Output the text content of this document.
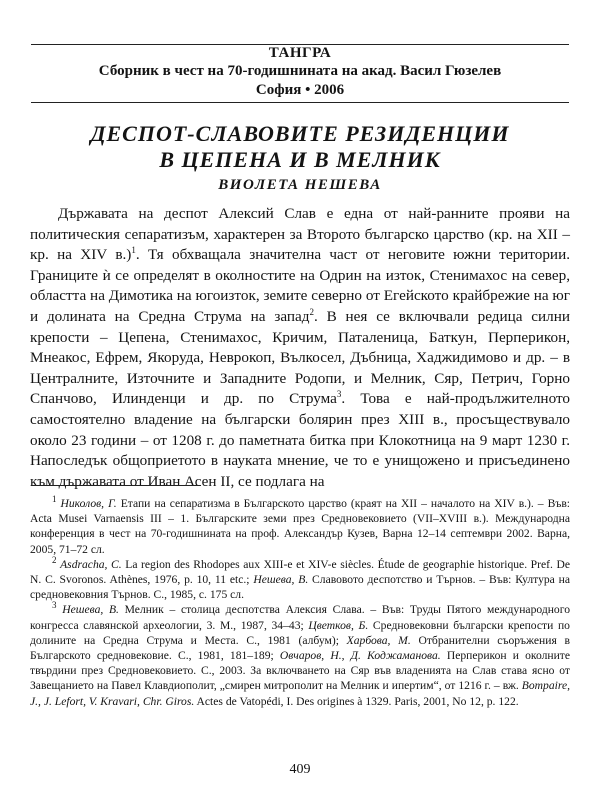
ТАНГРА
Сборник в чест на 70-годишнината на акад. Васил Гюзелев
София • 2006
ДЕСПОТ-СЛАВОВИТЕ РЕЗИДЕНЦИИ
В ЦЕПЕНА И В МЕЛНИК
ВИОЛЕТА НЕШЕВА

Държавата на деспот Алексий Слав е една от най-ранните прояви на политическия сепаратизъм, характерен за Второто българско царство (кр. на XII – кр. на XIV в.)$^1$. Тя обхващала значителна част от неговите южни територии. Границите ѝ се определят в околностите на Одрин на изток, Стенимахос на север, областта на Димотика на югоизток, земите северно от Егейското крайбрежие на юг и долината на Средна Струма на запад$^2$. В нея се включвали редица силни крепости – Цепена, Стенимахос, Кричим, Паталеница, Баткун, Перперикон, Мнеакос, Ефрем, Якоруда, Неврокоп, Вълкосел, Дъбница, Хаджидимово и др. – в Централните, Източните и Западните Родопи, и Мелник, Сяр, Петрич, Горно Спанчово, Илинденци и др. по Струма$^3$. Това е най-продължителното самостоятелно владение на български болярин през XIII в., просъществувало около 23 години – от 1208 г. до паметната битка при Клокотница на 9 март 1230 г. Напоследък общоприетото в науката мнение, че то е унищожено и присъединено към държавата от Иван Асен II, се подлага на

$^1$ Николов, Г. Етапи на сепаратизма в Българското царство (краят на XII – началото на XIV в.). – Във: Acta Musei Varnaensis III – 1. Българските земи през Средновековието (VII–XVIII в.). Международна конференция в чест на 70-годишнината на проф. Александър Кузев, Варна 12–14 септември 2002. Варна, 2005, 71–72 сл.

$^2$ Asdracha, C. La region des Rhodopes aux XIII-e et XIV-e siècles. Étude de geographie historique. Pref. De N. C. Svoronos. Athènes, 1976, p. 10, 11 etc.; Нешева, В. Славовото деспотство и Търнов. – Във: Култура на средновековния Търнов. С., 1985, с. 175 сл.

$^3$ Нешева, В. Мелник – столица деспотства Алексия Слава. – Във: Труды Пятого международного конгресса славянской археологии, 3. М., 1987, 34–43; Цветков, Б. Средновековни български крепости по долините на Средна Струма и Места. С., 1981 (албум); Харбова, М. Отбранителни съоръжения в Българското средновековие. С., 1981, 181–189; Овчаров, Н., Д. Коджаманова. Перперикон и околните твърдини през Средновековието. С., 2003. За включването на Сяр във владенията на Слав става ясно от Завещанието на Павел Клавдиополит, „смирен митрополит на Мелник и ипертим“, от 1216 г. – вж. Bompaire, J., J. Lefort, V. Kravari, Chr. Giros. Actes de Vatopédi, I. Des origines à 1329. Paris, 2001, No 12, p. 122.

409
